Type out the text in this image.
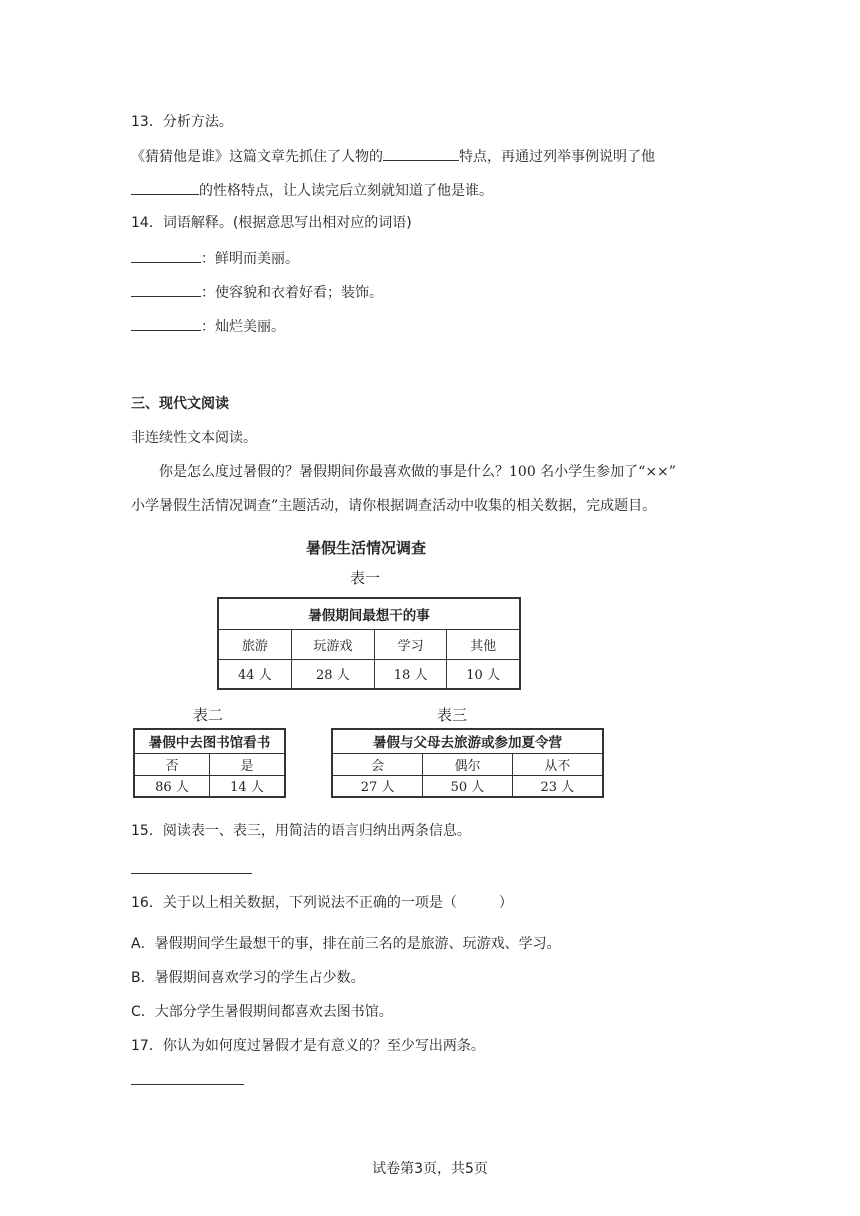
13．分析方法。
《猜猜他是谁》这篇文章先抓住了人物的	特点，再通过列举事例说明了他
的性格特点，让人读完后立刻就知道了他是谁。
14．词语解释。(根据意思写出相对应的词语)
：鲜明而美丽。
：使容貌和衣着好看；装饰。
：灿烂美丽。
三、现代文阅读
非连续性文本阅读。
你是怎么度过暑假的？暑假期间你最喜欢做的事是什么？100 名小学生参加了“××”
小学暑假生活情况调查”主题活动，请你根据调查活动中收集的相关数据，完成题目。
暑假生活情况调查
表一
暑假期间最想干的事			
旅游	玩游戏	学习	其他
44 人	28 人	18 人	10 人
表二	表三
暑假中去图书馆看书	
否	是
86 人	14 人
暑假与父母去旅游或参加夏令营		
会	偶尔	从不
27 人	50 人	23 人
15．阅读表一、表三，用简洁的语言归纳出两条信息。
16．关于以上相关数据，下列说法不正确的一项是（　　　）
A．暑假期间学生最想干的事，排在前三名的是旅游、玩游戏、学习。
B．暑假期间喜欢学习的学生占少数。
C．大部分学生暑假期间都喜欢去图书馆。
17．你认为如何度过暑假才是有意义的？至少写出两条。
试卷第3页，共5页
